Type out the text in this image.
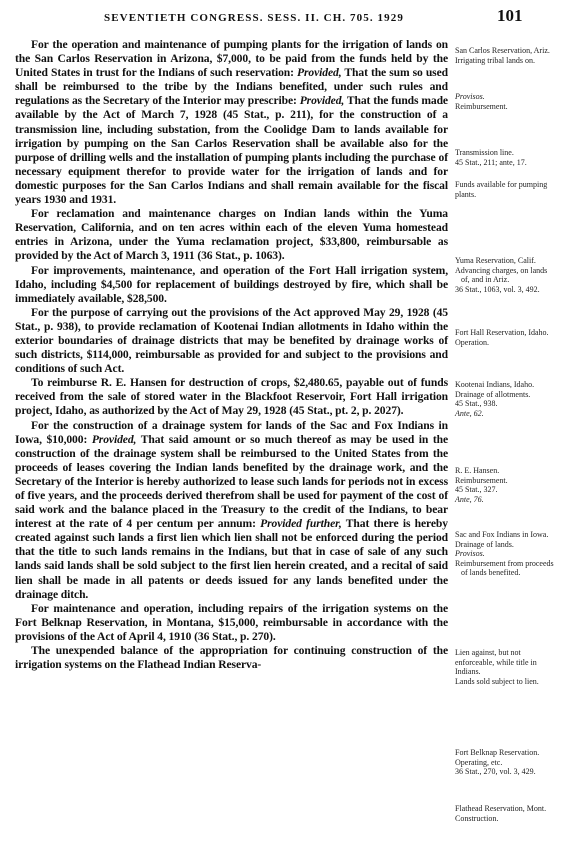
SEVENTIETH CONGRESS. SESS. II. CH. 705. 1929	101

For the operation and maintenance of pumping plants for the irrigation of lands on the San Carlos Reservation in Arizona, $7,000, to be paid from the funds held by the United States in trust for the Indians of such reservation: Provided, That the sum so used shall be reimbursed to the tribe by the Indians benefited, under such rules and regulations as the Secretary of the Interior may prescribe: Provided, That the funds made available by the Act of March 7, 1928 (45 Stat., p. 211), for the construction of a transmission line, including substation, from the Coolidge Dam to lands available for irrigation by pumping on the San Carlos Reservation shall be available also for the purpose of drilling wells and the installation of pumping plants including the purchase of necessary equipment therefor to provide water for the irrigation of lands and for domestic purposes for the San Carlos Indians and shall remain available for the fiscal years 1930 and 1931.

For reclamation and maintenance charges on Indian lands within the Yuma Reservation, California, and on ten acres within each of the eleven Yuma homestead entries in Arizona, under the Yuma reclamation project, $33,800, reimbursable as provided by the Act of March 3, 1911 (36 Stat., p. 1063).

For improvements, maintenance, and operation of the Fort Hall irrigation system, Idaho, including $4,500 for replacement of buildings destroyed by fire, which shall be immediately available, $28,500.

For the purpose of carrying out the provisions of the Act approved May 29, 1928 (45 Stat., p. 938), to provide reclamation of Kootenai Indian allotments in Idaho within the exterior boundaries of drainage districts that may be benefited by drainage works of such districts, $114,000, reimbursable as provided for and subject to the provisions and conditions of such Act.

To reimburse R. E. Hansen for destruction of crops, $2,480.65, payable out of funds received from the sale of stored water in the Blackfoot Reservoir, Fort Hall irrigation project, Idaho, as authorized by the Act of May 29, 1928 (45 Stat., pt. 2, p. 2027).

For the construction of a drainage system for lands of the Sac and Fox Indians in Iowa, $10,000: Provided, That said amount or so much thereof as may be used in the construction of the drainage system shall be reimbursed to the United States from the proceeds of leases covering the Indian lands benefited by the drainage work, and the Secretary of the Interior is hereby authorized to lease such lands for periods not in excess of five years, and the proceeds derived therefrom shall be used for payment of the cost of said work and the balance placed in the Treasury to the credit of the Indians, to bear interest at the rate of 4 per centum per annum: Provided further, That there is hereby created against such lands a first lien which lien shall not be enforced during the period that the title to such lands remains in the Indians, but that in case of sale of any such lands said lands shall be sold subject to the first lien herein created, and a recital of said lien shall be made in all patents or deeds issued for any lands benefited under the drainage ditch.

For maintenance and operation, including repairs of the irrigation systems on the Fort Belknap Reservation, in Montana, $15,000, reimbursable in accordance with the provisions of the Act of April 4, 1910 (36 Stat., p. 270).

The unexpended balance of the appropriation for continuing construction of the irrigation systems on the Flathead Indian Reserva-

San Carlos Reservation, Ariz.
Irrigating tribal lands on.
Provisos.
Reimbursement.
Transmission line.
45 Stat., 211; ante, 17.
Funds available for pumping plants.
Yuma Reservation, Calif.
Advancing charges, on lands of, and in Ariz.
36 Stat., 1063, vol. 3, 492.
Fort Hall Reservation, Idaho.
Operation.
Kootenai Indians, Idaho.
Drainage of allotments.
45 Stat., 938.
Ante, 62.
R. E. Hansen.
Reimbursement.
45 Stat., 327.
Ante, 76.
Sac and Fox Indians in Iowa.
Drainage of lands.
Provisos.
Reimbursement from proceeds of lands benefited.
Lien against, but not enforceable, while title in Indians.
Lands sold subject to lien.
Fort Belknap Reservation.
Operating, etc.
36 Stat., 270, vol. 3, 429.
Flathead Reservation, Mont.
Construction.
